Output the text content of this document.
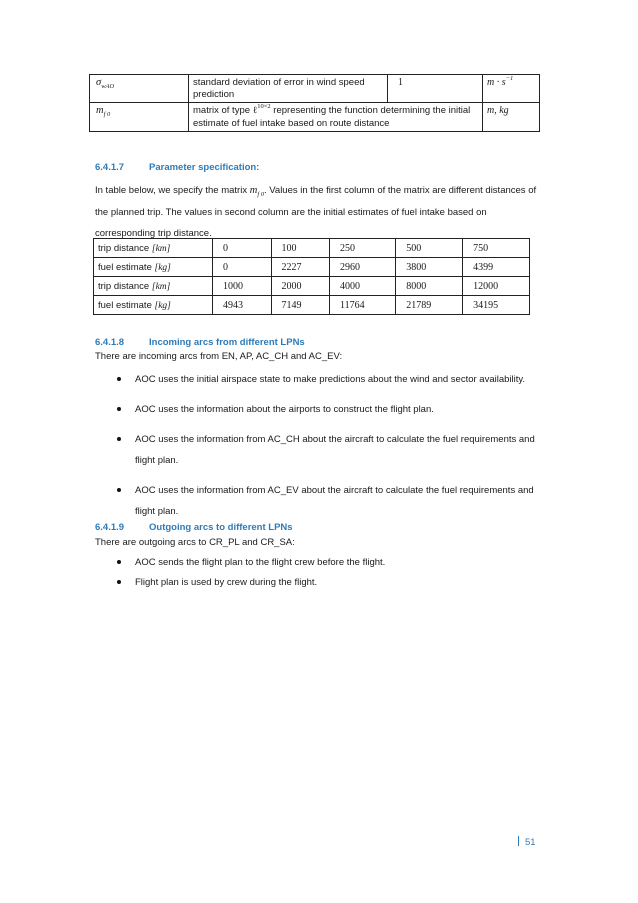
$\sigma_{wAO}$	standard deviation of error in wind speed prediction	1	$m \cdot s^{-1}$
$m_{f 0}$	matrix of type ℓ$^{10\times 2}$ representing the function determining the initial estimate of fuel intake based on route distance		m, kg
6.4.1.7	Parameter specification:

In table below, we specify the matrix $m_{f 0}$. Values in the first column of the matrix are different distances of the planned trip. The values in second column are the initial estimates of fuel intake based on corresponding trip distance.

trip distance [km]	0	100	250	500	750
fuel estimate [kg]	0	2227	2960	3800	4399
trip distance [km]	1000	2000	4000	8000	12000
fuel estimate [kg]	4943	7149	11764	21789	34195
6.4.1.8	Incoming arcs from different LPNs

There are incoming arcs from EN, AP, AC_CH and AC_EV:

AOC uses the initial airspace state to make predictions about the wind and sector availability.
AOC uses the information about the airports to construct the flight plan.
AOC uses the information from AC_CH about the aircraft to calculate the fuel requirements and flight plan.
AOC uses the information from AC_EV about the aircraft to calculate the fuel requirements and flight plan.
6.4.1.9	Outgoing arcs to different LPNs

There are outgoing arcs to CR_PL and CR_SA:

AOC sends the flight plan to the flight crew before the flight.
Flight plan is used by crew during the flight.
51
